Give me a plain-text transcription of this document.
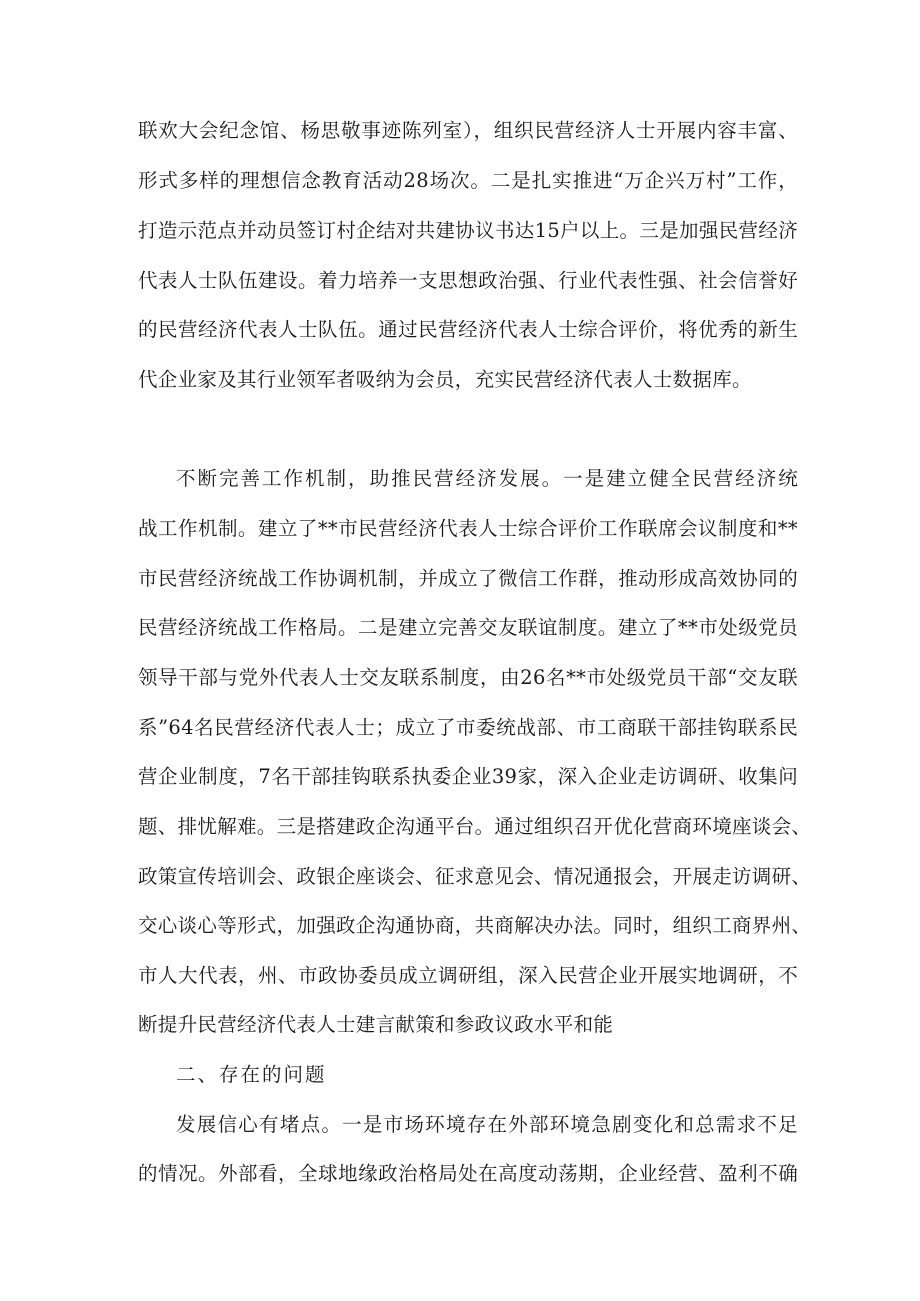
联欢大会纪念馆、杨思敬事迹陈列室），组织民营经济人士开展内容丰富、
形式多样的理想信念教育活动28场次。二是扎实推进“万企兴万村”工作，
打造示范点并动员签订村企结对共建协议书达15户以上。三是加强民营经济
代表人士队伍建设。着力培养一支思想政治强、行业代表性强、社会信誉好
的民营经济代表人士队伍。通过民营经济代表人士综合评价，将优秀的新生
代企业家及其行业领军者吸纳为会员，充实民营经济代表人士数据库。
不断完善工作机制，助推民营经济发展。一是建立健全民营经济统
战工作机制。建立了**市民营经济代表人士综合评价工作联席会议制度和**
市民营经济统战工作协调机制，并成立了微信工作群，推动形成高效协同的
民营经济统战工作格局。二是建立完善交友联谊制度。建立了**市处级党员
领导干部与党外代表人士交友联系制度，由26名**市处级党员干部“交友联
系”64名民营经济代表人士；成立了市委统战部、市工商联干部挂钩联系民
营企业制度，7名干部挂钩联系执委企业39家，深入企业走访调研、收集问
题、排忧解难。三是搭建政企沟通平台。通过组织召开优化营商环境座谈会、
政策宣传培训会、政银企座谈会、征求意见会、情况通报会，开展走访调研、
交心谈心等形式，加强政企沟通协商，共商解决办法。同时，组织工商界州、
市人大代表，州、市政协委员成立调研组，深入民营企业开展实地调研，不
断提升民营经济代表人士建言献策和参政议政水平和能
二、存在的问题
发展信心有堵点。一是市场环境存在外部环境急剧变化和总需求不足
的情况。外部看，全球地缘政治格局处在高度动荡期，企业经营、盈利不确
